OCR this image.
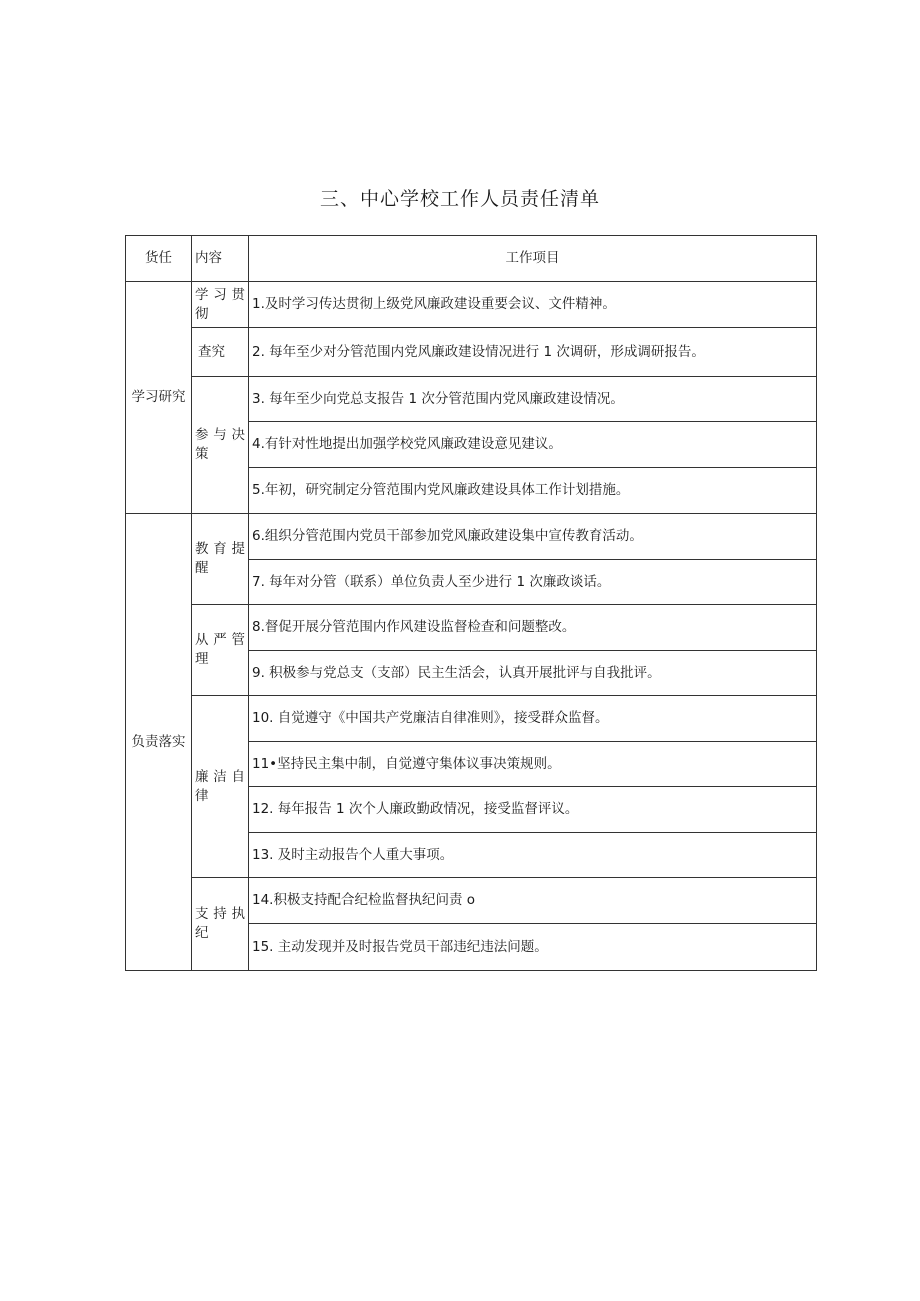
三、中心学校工作人员责任清单
货任	内容	工作项目
学习研究	学习贯彻	1.及时学习传达贯彻上级党风廉政建设重要会议、文件精神。
	查究	2. 每年至少对分管范围内党风廉政建设情况进行 1 次调研，形成调研报告。
	参与决策	3. 每年至少向党总支报告 1 次分管范围内党风廉政建设情况。
		4.有针对性地提出加强学校党风廉政建设意见建议。
		5.年初，研究制定分管范围内党风廉政建设具体工作计划措施。
负责落实	教育提醒	6.组织分管范围内党员干部参加党风廉政建设集中宣传教育活动。
		7. 每年对分管（联系）单位负责人至少进行 1 次廉政谈话。
	从严管理	8.督促开展分管范围内作风建设监督检查和问题整改。
		9. 积极参与党总支（支部）民主生活会，认真开展批评与自我批评。
	廉洁自律	10. 自觉遵守《中国共产党廉洁自律准则》，接受群众监督。
		11•坚持民主集中制，自觉遵守集体议事决策规则。
		12. 每年报告 1 次个人廉政勤政情况，接受监督评议。
		13. 及时主动报告个人重大事项。
	支持执纪	14.积极支持配合纪检监督执纪问责 o
		15. 主动发现并及时报告党员干部违纪违法问题。
